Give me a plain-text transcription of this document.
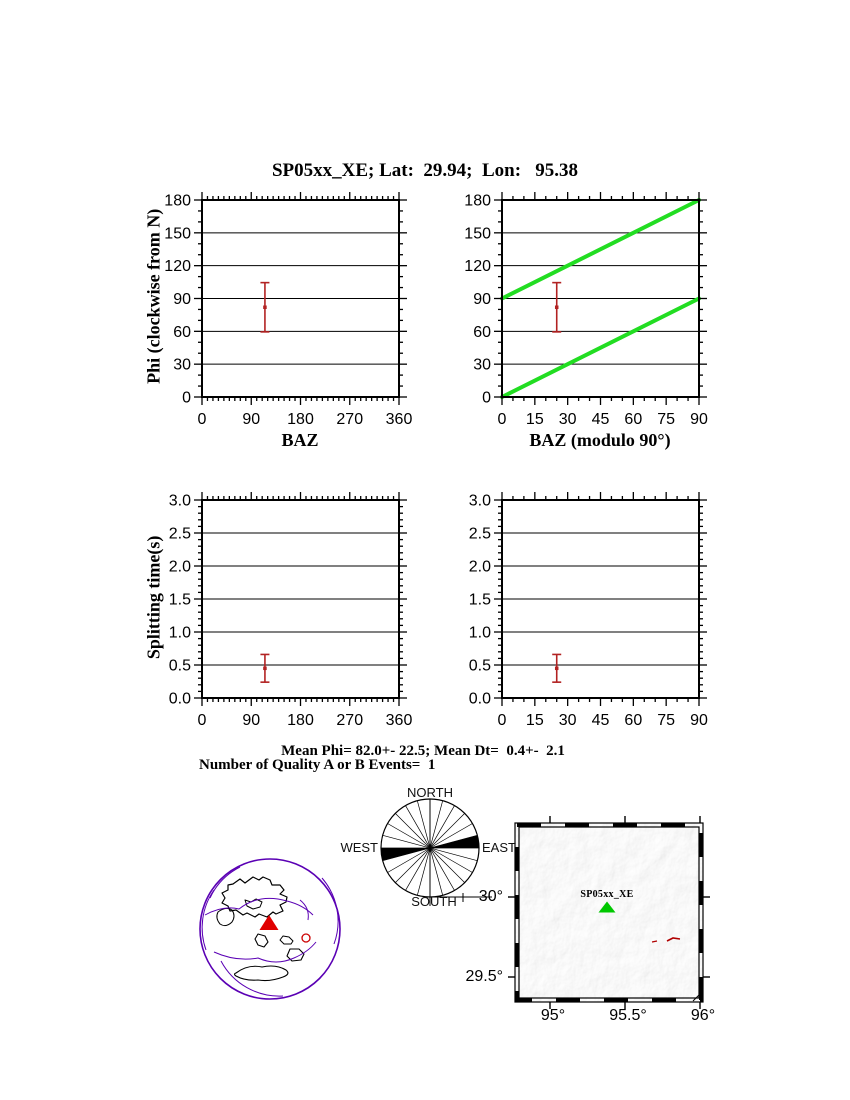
0 90 180 270 360
0
30
60
90
120
150
180
0 15 30 45 60 75 90
0
30
60
90
120
150
180
0 90 180 270 360
0.0
0.5
1.0
1.5
2.0
2.5
3.0
0 15 30 45 60 75 90
0.0
0.5
1.0
1.5
2.0
2.5
3.0
SP05xx_XE; Lat:  29.94;  Lon:   95.38
Phi (clockwise from N)
Splitting time(s)
BAZ	BAZ (modulo 90°)
Mean Phi= 82.0+- 22.5; Mean Dt=  0.4+-  2.1
Number of Quality A or B Events=  1
NORTH
SOUTH
WEST	EAST
30°
29.5°
95°	95.5°	96°
SP05xx_XE
